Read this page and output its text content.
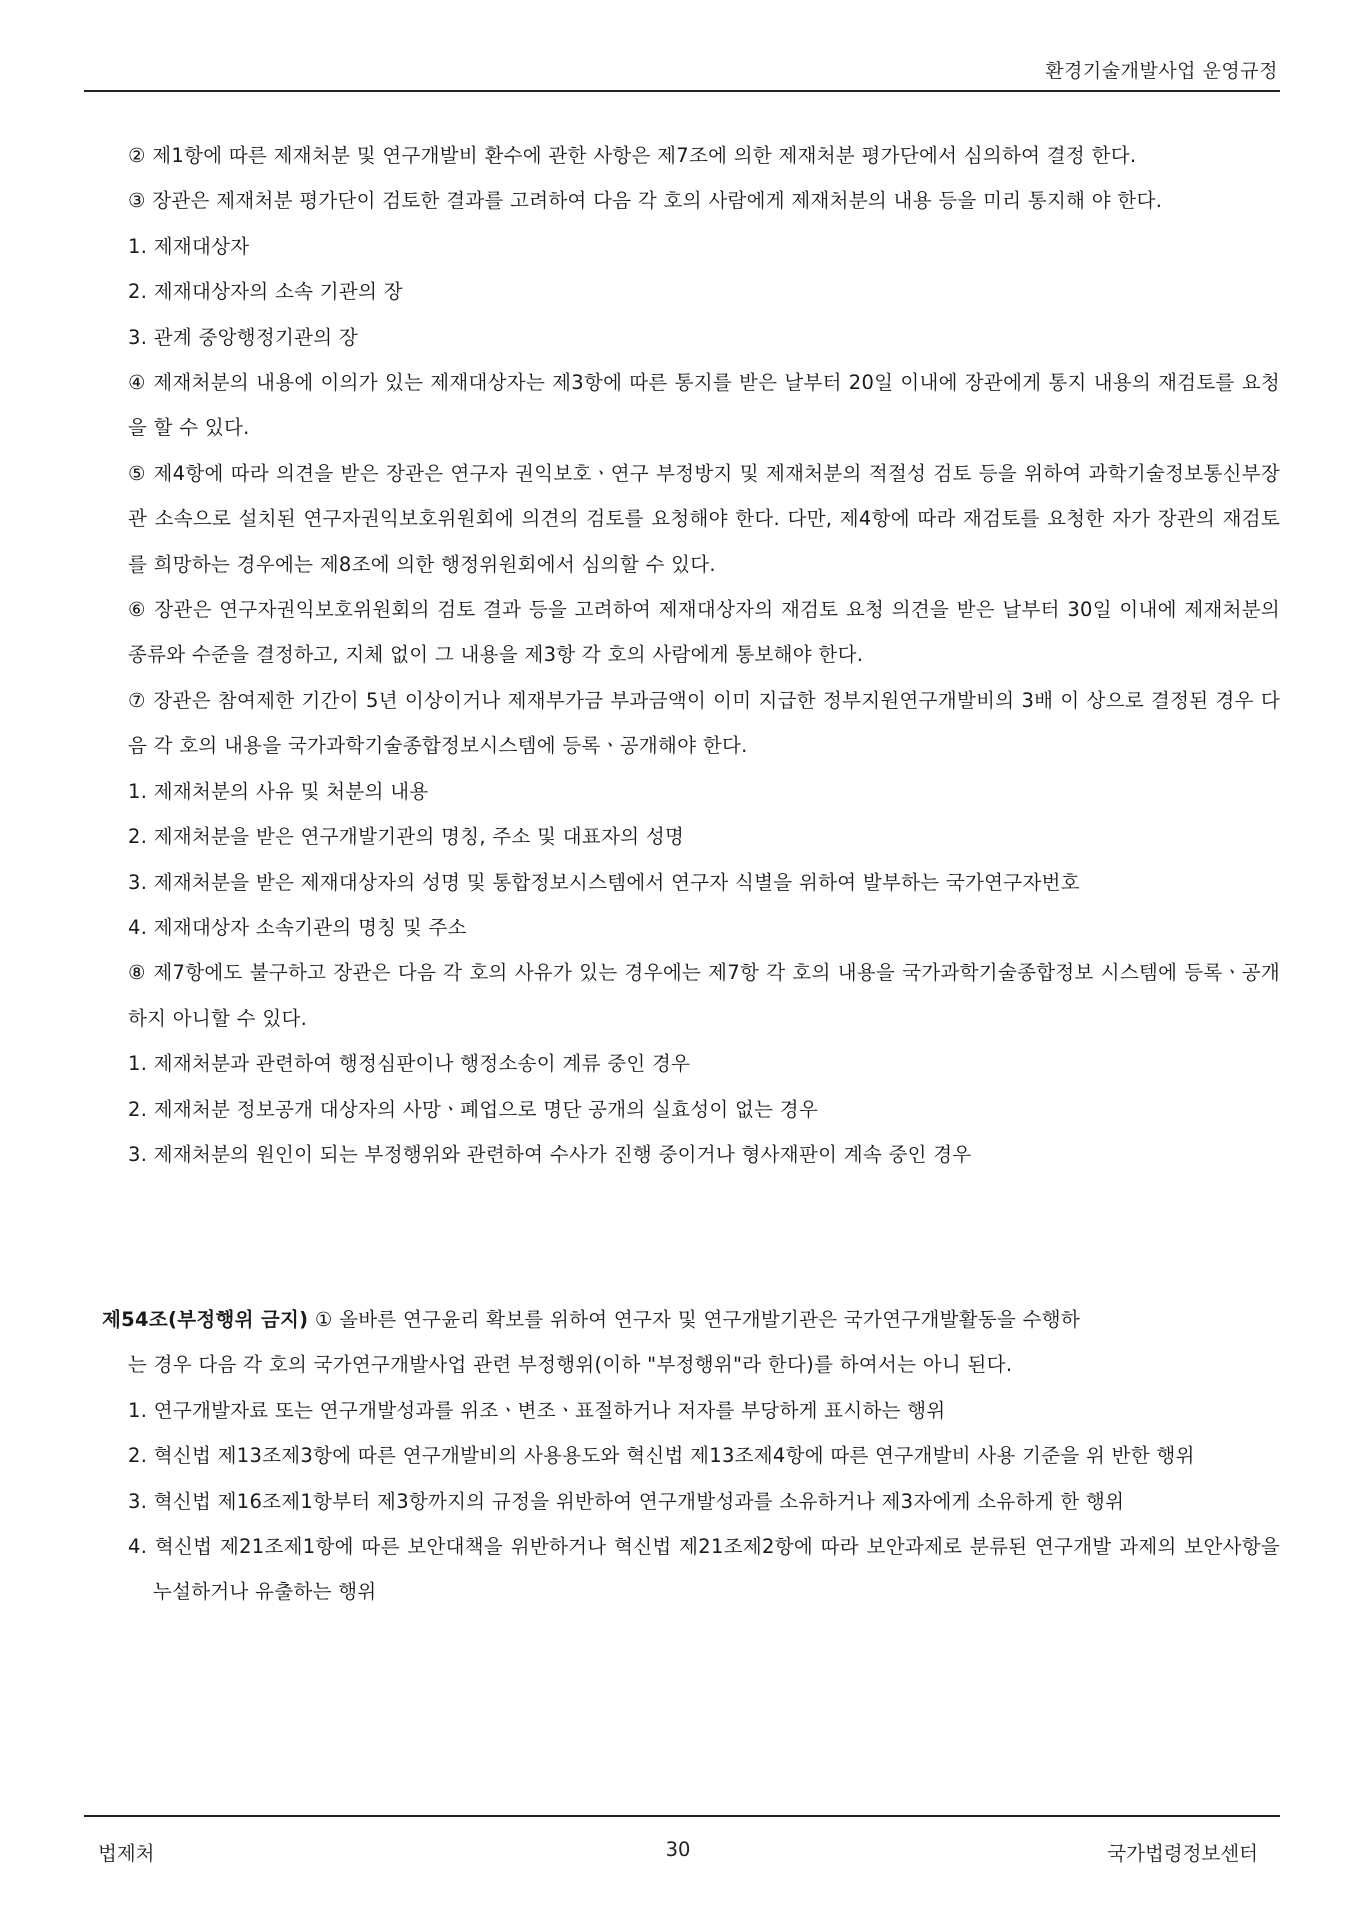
환경기술개발사업 운영규정

② 제1항에 따른 제재처분 및 연구개발비 환수에 관한 사항은 제7조에 의한 제재처분 평가단에서 심의하여 결정 한다.

③ 장관은 제재처분 평가단이 검토한 결과를 고려하여 다음 각 호의 사람에게 제재처분의 내용 등을 미리 통지해 야 한다.

1. 제재대상자

2. 제재대상자의 소속 기관의 장

3. 관계 중앙행정기관의 장

④ 제재처분의 내용에 이의가 있는 제재대상자는 제3항에 따른 통지를 받은 날부터 20일 이내에 장관에게 통지 내용의 재검토를 요청을 할 수 있다.

⑤ 제4항에 따라 의견을 받은 장관은 연구자 권익보호ㆍ연구 부정방지 및 제재처분의 적절성 검토 등을 위하여 과학기술정보통신부장관 소속으로 설치된 연구자권익보호위원회에 의견의 검토를 요청해야 한다. 다만, 제4항에 따라 재검토를 요청한 자가 장관의 재검토를 희망하는 경우에는 제8조에 의한 행정위원회에서 심의할 수 있다.

⑥ 장관은 연구자권익보호위원회의 검토 결과 등을 고려하여 제재대상자의 재검토 요청 의견을 받은 날부터 30일 이내에 제재처분의 종류와 수준을 결정하고, 지체 없이 그 내용을 제3항 각 호의 사람에게 통보해야 한다.

⑦ 장관은 참여제한 기간이 5년 이상이거나 제재부가금 부과금액이 이미 지급한 정부지원연구개발비의 3배 이 상으로 결정된 경우 다음 각 호의 내용을 국가과학기술종합정보시스템에 등록ㆍ공개해야 한다.

1. 제재처분의 사유 및 처분의 내용

2. 제재처분을 받은 연구개발기관의 명칭, 주소 및 대표자의 성명

3. 제재처분을 받은 제재대상자의 성명 및 통합정보시스템에서 연구자 식별을 위하여 발부하는 국가연구자번호

4. 제재대상자 소속기관의 명칭 및 주소

⑧ 제7항에도 불구하고 장관은 다음 각 호의 사유가 있는 경우에는 제7항 각 호의 내용을 국가과학기술종합정보 시스템에 등록ㆍ공개하지 아니할 수 있다.

1. 제재처분과 관련하여 행정심판이나 행정소송이 계류 중인 경우

2. 제재처분 정보공개 대상자의 사망ㆍ폐업으로 명단 공개의 실효성이 없는 경우

3. 제재처분의 원인이 되는 부정행위와 관련하여 수사가 진행 중이거나 형사재판이 계속 중인 경우

제54조(부정행위 금지) ① 올바른 연구윤리 확보를 위하여 연구자 및 연구개발기관은 국가연구개발활동을 수행하

는 경우 다음 각 호의 국가연구개발사업 관련 부정행위(이하 "부정행위"라 한다)를 하여서는 아니 된다.

1. 연구개발자료 또는 연구개발성과를 위조ㆍ변조ㆍ표절하거나 저자를 부당하게 표시하는 행위

2. 혁신법 제13조제3항에 따른 연구개발비의 사용용도와 혁신법 제13조제4항에 따른 연구개발비 사용 기준을 위 반한 행위

3. 혁신법 제16조제1항부터 제3항까지의 규정을 위반하여 연구개발성과를 소유하거나 제3자에게 소유하게 한 행위

4. 혁신법 제21조제1항에 따른 보안대책을 위반하거나 혁신법 제21조제2항에 따라 보안과제로 분류된 연구개발 과제의 보안사항을 누설하거나 유출하는 행위

법제처	30	국가법령정보센터
